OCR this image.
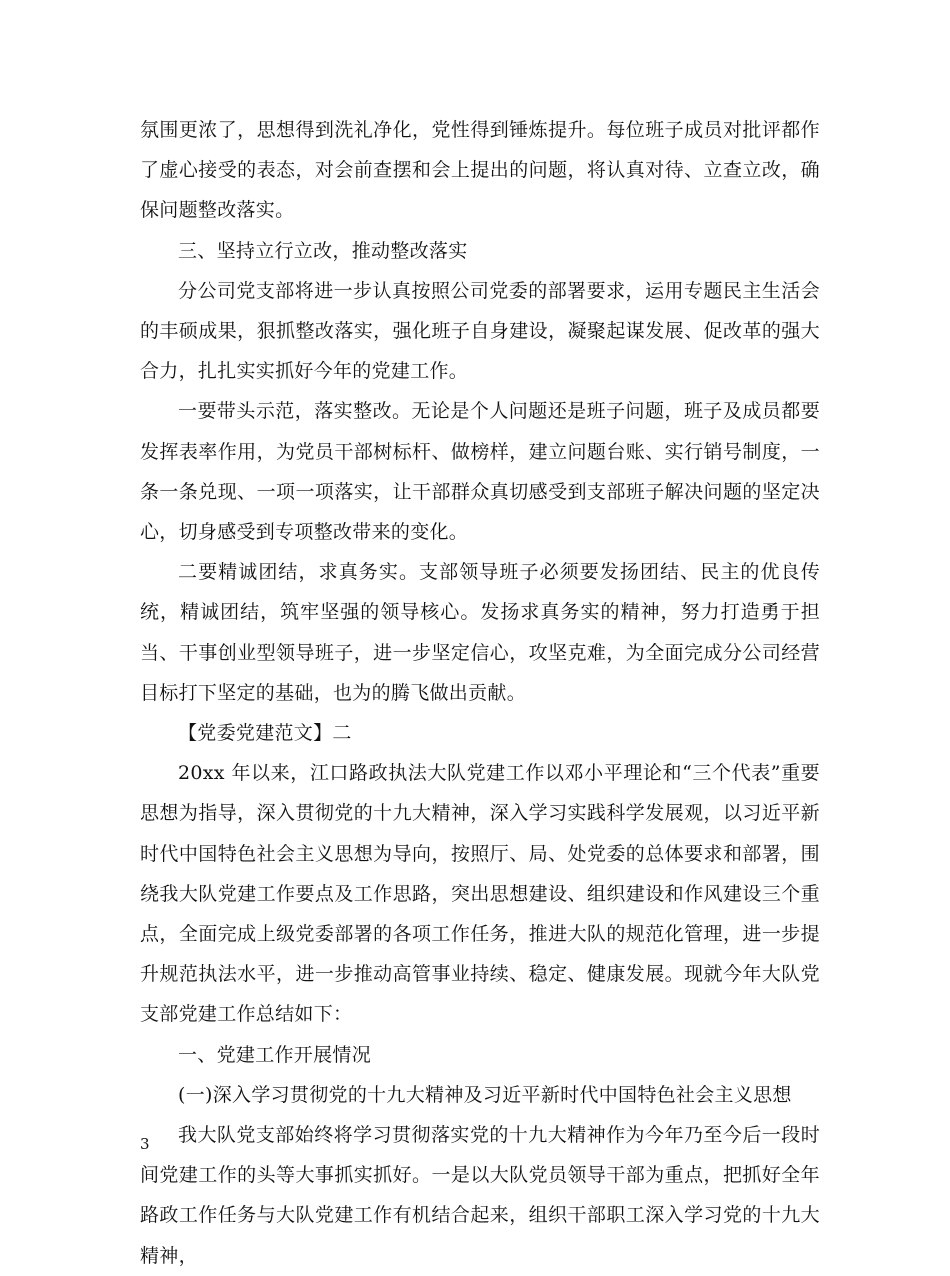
氛围更浓了，思想得到洗礼净化，党性得到锤炼提升。每位班子成员对批评都作了虚心接受的表态，对会前查摆和会上提出的问题，将认真对待、立查立改，确保问题整改落实。

三、坚持立行立改，推动整改落实

分公司党支部将进一步认真按照公司党委的部署要求，运用专题民主生活会的丰硕成果，狠抓整改落实，强化班子自身建设，凝聚起谋发展、促改革的强大合力，扎扎实实抓好今年的党建工作。

一要带头示范，落实整改。无论是个人问题还是班子问题，班子及成员都要发挥表率作用，为党员干部树标杆、做榜样，建立问题台账、实行销号制度，一条一条兑现、一项一项落实，让干部群众真切感受到支部班子解决问题的坚定决心，切身感受到专项整改带来的变化。

二要精诚团结，求真务实。支部领导班子必须要发扬团结、民主的优良传统，精诚团结，筑牢坚强的领导核心。发扬求真务实的精神，努力打造勇于担当、干事创业型领导班子，进一步坚定信心，攻坚克难，为全面完成分公司经营目标打下坚定的基础，也为的腾飞做出贡献。

【党委党建范文】二

20xx 年以来，江口路政执法大队党建工作以邓小平理论和“三个代表”重要思想为指导，深入贯彻党的十九大精神，深入学习实践科学发展观，以习近平新时代中国特色社会主义思想为导向，按照厅、局、处党委的总体要求和部署，围绕我大队党建工作要点及工作思路，突出思想建设、组织建设和作风建设三个重点，全面完成上级党委部署的各项工作任务，推进大队的规范化管理，进一步提升规范执法水平，进一步推动高管事业持续、稳定、健康发展。现就今年大队党支部党建工作总结如下：

一、党建工作开展情况

(一)深入学习贯彻党的十九大精神及习近平新时代中国特色社会主义思想

我大队党支部始终将学习贯彻落实党的十九大精神作为今年乃至今后一段时间党建工作的头等大事抓实抓好。一是以大队党员领导干部为重点，把抓好全年路政工作任务与大队党建工作有机结合起来，组织干部职工深入学习党的十九大精神，

3
